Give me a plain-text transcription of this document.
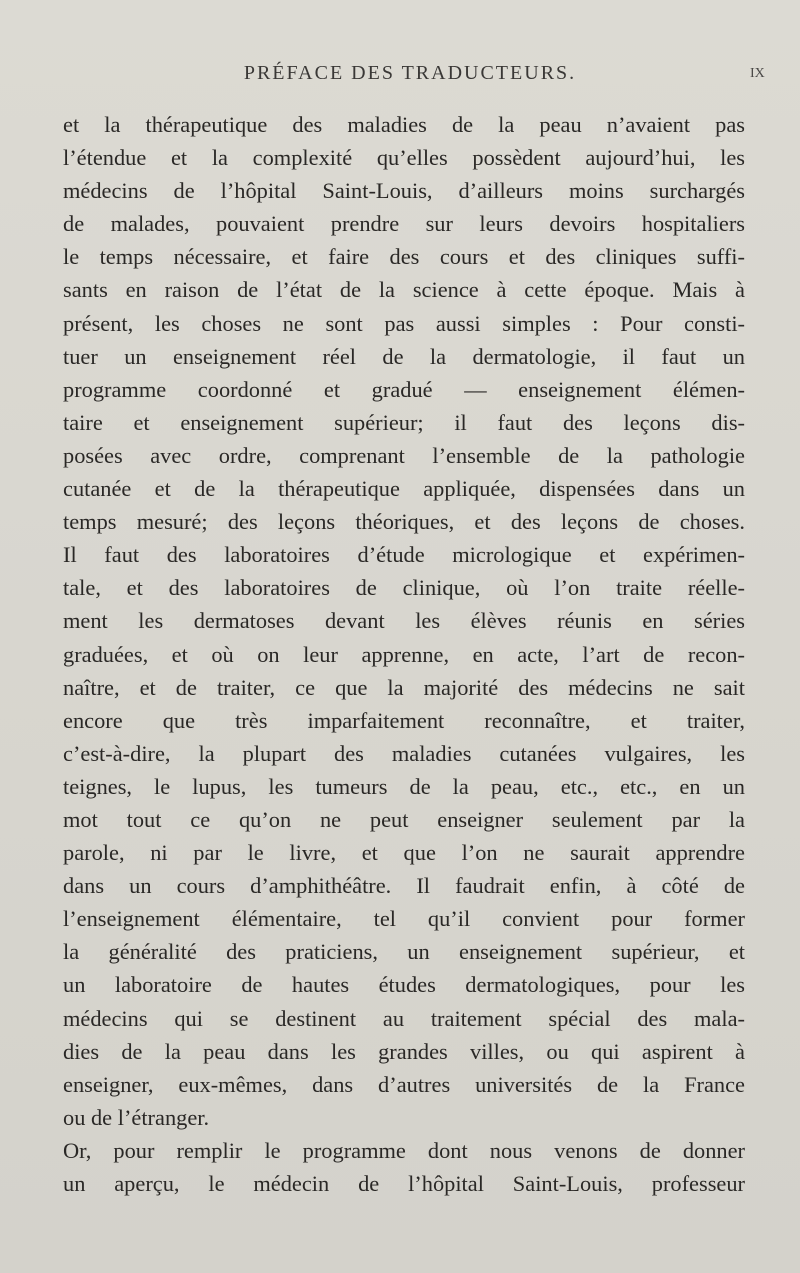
PRÉFACE DES TRADUCTEURS.	IX
et la thérapeutique des maladies de la peau n’avaient pas
l’étendue et la complexité qu’elles possèdent aujourd’hui, les
médecins de l’hôpital Saint-Louis, d’ailleurs moins surchargés
de malades, pouvaient prendre sur leurs devoirs hospitaliers
le temps nécessaire, et faire des cours et des cliniques suffi-
sants en raison de l’état de la science à cette époque. Mais à
présent, les choses ne sont pas aussi simples : Pour consti-
tuer un enseignement réel de la dermatologie, il faut un
programme coordonné et gradué — enseignement élémen-
taire et enseignement supérieur; il faut des leçons dis-
posées avec ordre, comprenant l’ensemble de la pathologie
cutanée et de la thérapeutique appliquée, dispensées dans un
temps mesuré; des leçons théoriques, et des leçons de choses.
Il faut des laboratoires d’étude micrologique et expérimen-
tale, et des laboratoires de clinique, où l’on traite réelle-
ment les dermatoses devant les élèves réunis en séries
graduées, et où on leur apprenne, en acte, l’art de recon-
naître, et de traiter, ce que la majorité des médecins ne sait
encore que très imparfaitement reconnaître, et traiter,
c’est-à-dire, la plupart des maladies cutanées vulgaires, les
teignes, le lupus, les tumeurs de la peau, etc., etc., en un
mot tout ce qu’on ne peut enseigner seulement par la
parole, ni par le livre, et que l’on ne saurait apprendre
dans un cours d’amphithéâtre. Il faudrait enfin, à côté de
l’enseignement élémentaire, tel qu’il convient pour former
la généralité des praticiens, un enseignement supérieur, et
un laboratoire de hautes études dermatologiques, pour les
médecins qui se destinent au traitement spécial des mala-
dies de la peau dans les grandes villes, ou qui aspirent à
enseigner, eux-mêmes, dans d’autres universités de la France
ou de l’étranger.
Or, pour remplir le programme dont nous venons de donner
un aperçu, le médecin de l’hôpital Saint-Louis, professeur
